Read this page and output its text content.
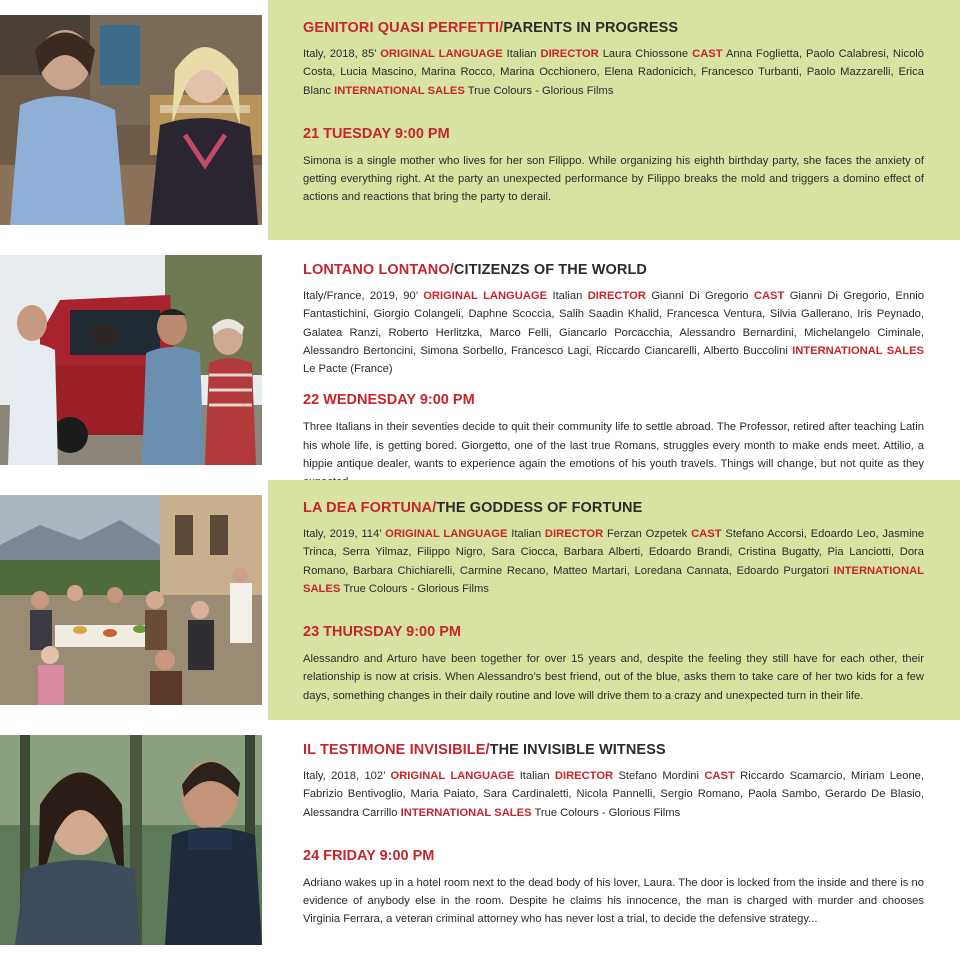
GENITORI QUASI PERFETTI/PARENTS IN PROGRESS

Italy, 2018, 85’ ORIGINAL LANGUAGE Italian DIRECTOR Laura Chiossone CAST Anna Foglietta, Paolo Calabresi, Nicolò Costa, Lucia Mascino, Marina Rocco, Marina Occhionero, Elena Radonicich, Francesco Turbanti, Paolo Mazzarelli, Erica Blanc INTERNATIONAL SALES True Colours - Glorious Films

21 TUESDAY 9:00 PM

Simona is a single mother who lives for her son Filippo. While organizing his eighth birthday party, she faces the anxiety of getting everything right. At the party an unexpected performance by Filippo breaks the mold and triggers a domino effect of actions and reactions that bring the party to derail.

LONTANO LONTANO/CITIZENZS OF THE WORLD

Italy/France, 2019, 90’ ORIGINAL LANGUAGE Italian DIRECTOR Gianni Di Gregorio CAST Gianni Di Gregorio, Ennio Fantastichini, Giorgio Colangeli, Daphne Scoccia, Salih Saadin Khalid, Francesca Ventura, Silvia Gallerano, Iris Peynado, Galatea Ranzi, Roberto Herlitzka, Marco Felli, Giancarlo Porcacchia, Alessandro Bernardini, Michelangelo Ciminale, Alessandro Bertoncini, Simona Sorbello, Francesco Lagi, Riccardo Ciancarelli, Alberto Buccolini INTERNATIONAL SALES Le Pacte (France)

22 WEDNESDAY 9:00 PM

Three Italians in their seventies decide to quit their community life to settle abroad. The Professor, retired after teaching Latin his whole life, is getting bored. Giorgetto, one of the last true Romans, struggles every month to make ends meet. Attilio, a hippie antique dealer, wants to experience again the emotions of his youth travels. Things will change, but not quite as they

LA DEA FORTUNA/THE GODDESS OF FORTUNE

Italy, 2019, 114’ ORIGINAL LANGUAGE Italian DIRECTOR Ferzan Ozpetek CAST Stefano Accorsi, Edoardo Leo, Jasmine Trinca, Serra Yilmaz, Filippo Nigro, Sara Ciocca, Barbara Alberti, Edoardo Brandi, Cristina Bugatty, Pia Lanciotti, Dora Romano, Barbara Chichiarelli, Carmine Recano, Matteo Martari, Loredana Cannata, Edoardo Purgatori INTERNATIONAL SALES True Colours - Glorious Films

23 THURSDAY 9:00 PM

Alessandro and Arturo have been together for over 15 years and, despite the feeling they still have for each other, their relationship is now at crisis. When Alessandro’s best friend, out of the blue, asks them to take care of her two kids for a few days, something changes in their daily routine and love will drive them to a crazy and unexpected turn in their life.

IL TESTIMONE INVISIBILE/THE INVISIBLE WITNESS

Italy, 2018, 102’ ORIGINAL LANGUAGE Italian DIRECTOR Stefano Mordini CAST Riccardo Scamarcio, Miriam Leone, Fabrizio Bentivoglio, Maria Paiato, Sara Cardinaletti, Nicola Pannelli, Sergio Romano, Paola Sambo, Gerardo De Blasio, Alessandra Carrillo INTERNATIONAL SALES True Colours - Glorious Films

24 FRIDAY 9:00 PM

Adriano wakes up in a hotel room next to the dead body of his lover, Laura. The door is locked from the inside and there is no evidence of anybody else in the room. Despite he claims his innocence, the man is charged with murder and chooses Virginia Ferrara, a veteran criminal attorney who has never lost a trial, to decide the defensive strategy...
